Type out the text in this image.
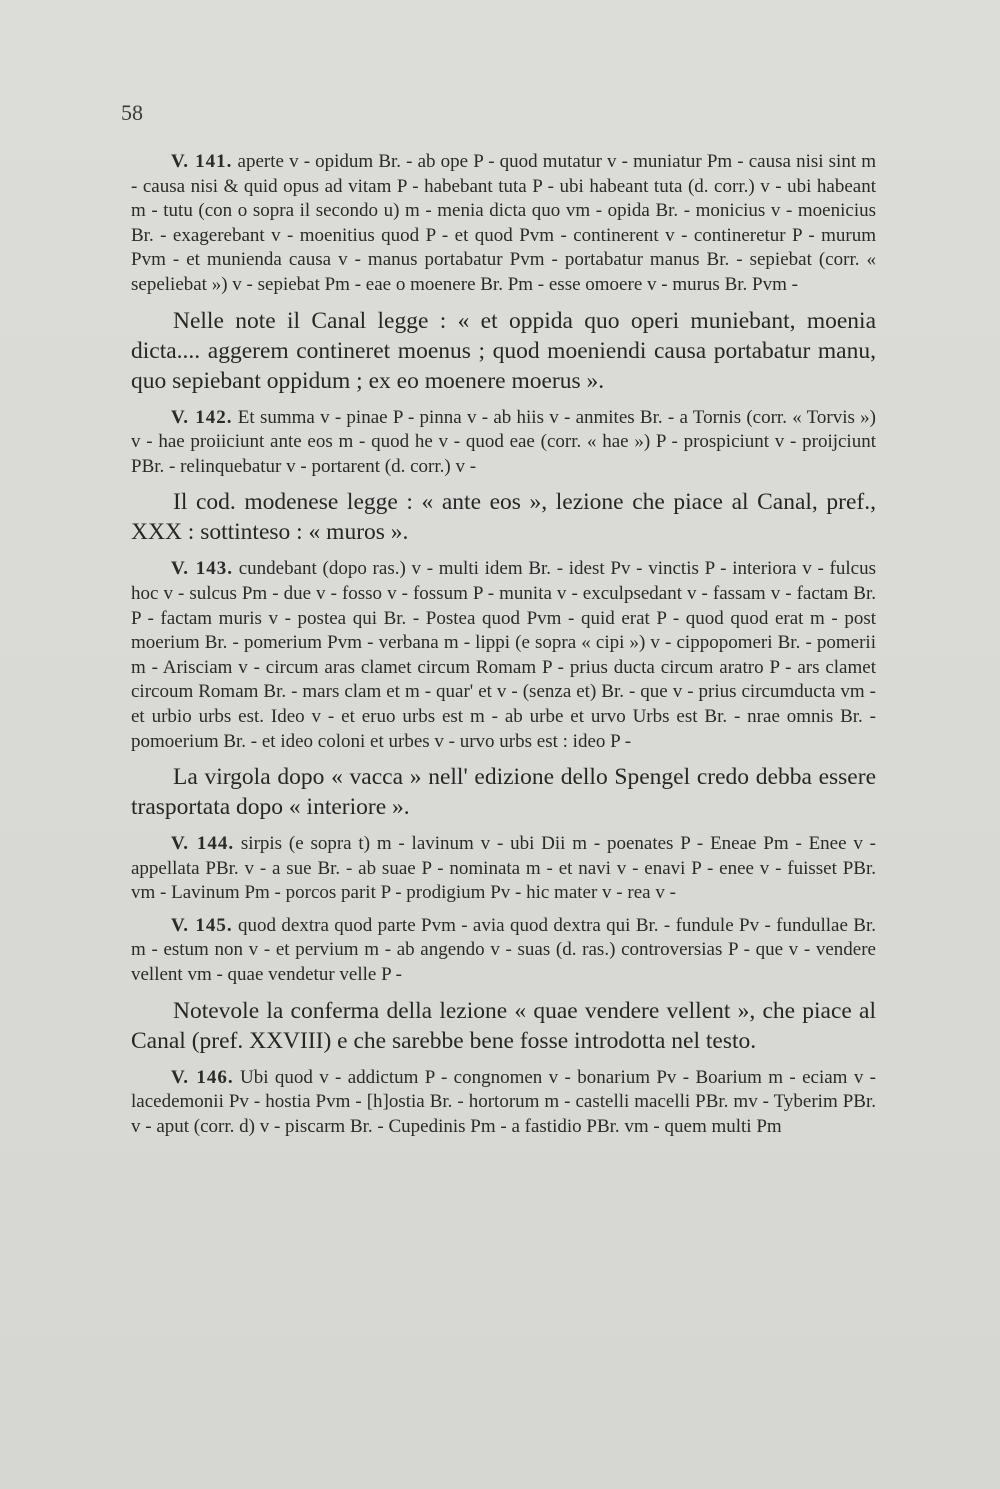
58

V. 141. aperte v - opidum Br. - ab ope P - quod mutatur v - muniatur Pm - causa nisi sint m - causa nisi & quid opus ad vitam P - habebant tuta P - ubi habeant tuta (d. corr.) v - ubi habeant m - tutu (con o sopra il secondo u) m - menia dicta quo vm - opida Br. - monicius v - moenicius Br. - exagerebant v - moenitius quod P - et quod Pvm - continerent v - contineretur P - murum Pvm - et munienda causa v - manus portabatur Pvm - portabatur manus Br. - sepiebat (corr. « sepeliebat ») v - sepiebat Pm - eae o moenere Br. Pm - esse omoere v - murus Br. Pvm -

Nelle note il Canal legge : « et oppida quo operi muniebant, moenia dicta.... aggerem contineret moenus ; quod moeniendi causa portabatur manu, quo sepiebant oppidum ; ex eo moenere moerus ».

V. 142. Et summa v - pinae P - pinna v - ab hiis v - anmites Br. - a Tornis (corr. « Torvis ») v - hae proiiciunt ante eos m - quod he v - quod eae (corr. « hae ») P - prospiciunt v - proijciunt PBr. - relinquebatur v - portarent (d. corr.) v -

Il cod. modenese legge : « ante eos », lezione che piace al Canal, pref., XXX : sottinteso : « muros ».

V. 143. cundebant (dopo ras.) v - multi idem Br. - idest Pv - vinctis P - interiora v - fulcus hoc v - sulcus Pm - due v - fosso v - fossum P - munita v - exculpsedant v - fassam v - factam Br. P - factam muris v - postea qui Br. - Postea quod Pvm - quid erat P - quod quod erat m - post moerium Br. - pomerium Pvm - verbana m - lippi (e sopra « cipi ») v - cippopomeri Br. - pomerii m - Arisciam v - circum aras clamet circum Romam P - prius ducta circum aratro P - ars clamet circoum Romam Br. - mars clam et m - quar' et v - (senza et) Br. - que v - prius circumducta vm - et urbio urbs est. Ideo v - et eruo urbs est m - ab urbe et urvo Urbs est Br. - nrae omnis Br. - pomoerium Br. - et ideo coloni et urbes v - urvo urbs est : ideo P -

La virgola dopo « vacca » nell' edizione dello Spengel credo debba essere trasportata dopo « interiore ».

V. 144. sirpis (e sopra t) m - lavinum v - ubi Dii m - poenates P - Eneae Pm - Enee v - appellata PBr. v - a sue Br. - ab suae P - nominata m - et navi v - enavi P - enee v - fuisset PBr. vm - Lavinum Pm - porcos parit P - prodigium Pv - hic mater v - rea v -

V. 145. quod dextra quod parte Pvm - avia quod dextra qui Br. - fundule Pv - fundullae Br. m - estum non v - et pervium m - ab angendo v - suas (d. ras.) controversias P - que v - vendere vellent vm - quae vendetur velle P -

Notevole la conferma della lezione « quae vendere vellent », che piace al Canal (pref. XXVIII) e che sarebbe bene fosse introdotta nel testo.

V. 146. Ubi quod v - addictum P - congnomen v - bonarium Pv - Boarium m - eciam v - lacedemonii Pv - hostia Pvm - [h]ostia Br. - hortorum m - castelli macelli PBr. mv - Tyberim PBr. v - aput (corr. d) v - piscarm Br. - Cupedinis Pm - a fastidio PBr. vm - quem multi Pm
